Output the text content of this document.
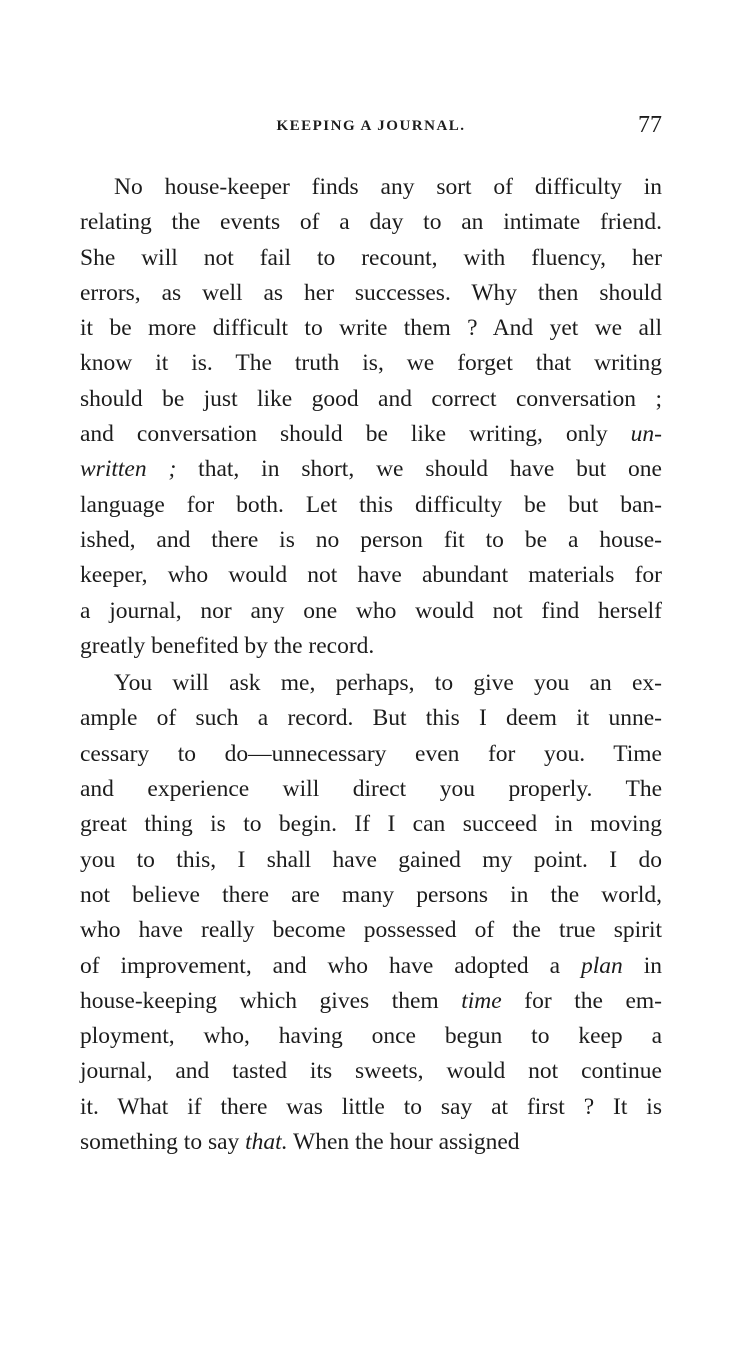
KEEPING A JOURNAL.	77
No house-keeper finds any sort of difficulty in
relating the events of a day to an intimate friend.
She will not fail to recount, with fluency, her
errors, as well as her successes. Why then should
it be more difficult to write them ? And yet we all
know it is. The truth is, we forget that writing
should be just like good and correct conversation ;
and conversation should be like writing, only un-
written ; that, in short, we should have but one
language for both. Let this difficulty be but ban-
ished, and there is no person fit to be a house-
keeper, who would not have abundant materials for
a journal, nor any one who would not find herself
greatly benefited by the record.
You will ask me, perhaps, to give you an ex-
ample of such a record. But this I deem it unne-
cessary to do—unnecessary even for you. Time
and experience will direct you properly. The
great thing is to begin. If I can succeed in moving
you to this, I shall have gained my point. I do
not believe there are many persons in the world,
who have really become possessed of the true spirit
of improvement, and who have adopted a plan in
house-keeping which gives them time for the em-
ployment, who, having once begun to keep a
journal, and tasted its sweets, would not continue
it. What if there was little to say at first ? It is
something to say that. When the hour assigned
